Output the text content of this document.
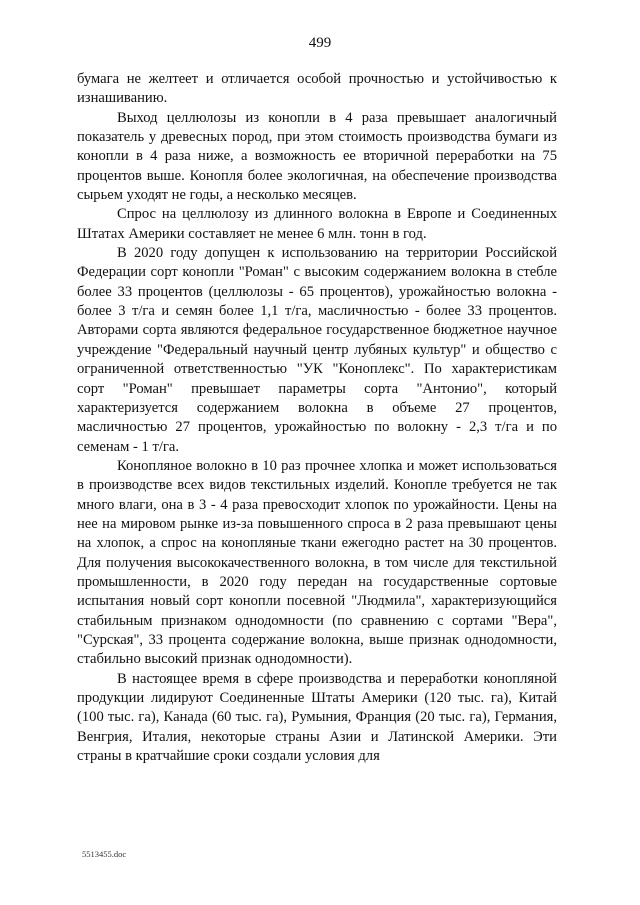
499

бумага не желтеет и отличается особой прочностью и устойчивостью к изнашиванию.

Выход целлюлозы из конопли в 4 раза превышает аналогичный показатель у древесных пород, при этом стоимость производства бумаги из конопли в 4 раза ниже, а возможность ее вторичной переработки на 75 процентов выше. Конопля более экологичная, на обеспечение производства сырьем уходят не годы, а несколько месяцев.

Спрос на целлюлозу из длинного волокна в Европе и Соединенных Штатах Америки составляет не менее 6 млн. тонн в год.

В 2020 году допущен к использованию на территории Российской Федерации сорт конопли "Роман" с высоким содержанием волокна в стебле более 33 процентов (целлюлозы - 65 процентов), урожайностью волокна - более 3 т/га и семян более 1,1 т/га, масличностью - более 33 процентов. Авторами сорта являются федеральное государственное бюджетное научное учреждение "Федеральный научный центр лубяных культур" и общество с ограниченной ответственностью "УК "Коноплекс". По характеристикам сорт "Роман" превышает параметры сорта "Антонио", который характеризуется содержанием волокна в объеме 27 процентов, масличностью 27 процентов, урожайностью по волокну - 2,3 т/га и по семенам - 1 т/га.

Конопляное волокно в 10 раз прочнее хлопка и может использоваться в производстве всех видов текстильных изделий. Конопле требуется не так много влаги, она в 3 - 4 раза превосходит хлопок по урожайности. Цены на нее на мировом рынке из-за повышенного спроса в 2 раза превышают цены на хлопок, а спрос на конопляные ткани ежегодно растет на 30 процентов. Для получения высококачественного волокна, в том числе для текстильной промышленности, в 2020 году передан на государственные сортовые испытания новый сорт конопли посевной "Людмила", характеризующийся стабильным признаком однодомности (по сравнению с сортами "Вера", "Сурская", 33 процента содержание волокна, выше признак однодомности, стабильно высокий признак однодомности).

В настоящее время в сфере производства и переработки конопляной продукции лидируют Соединенные Штаты Америки (120 тыс. га), Китай (100 тыс. га), Канада (60 тыс. га), Румыния, Франция (20 тыс. га), Германия, Венгрия, Италия, некоторые страны Азии и Латинской Америки. Эти страны в кратчайшие сроки создали условия для

5513455.doc
